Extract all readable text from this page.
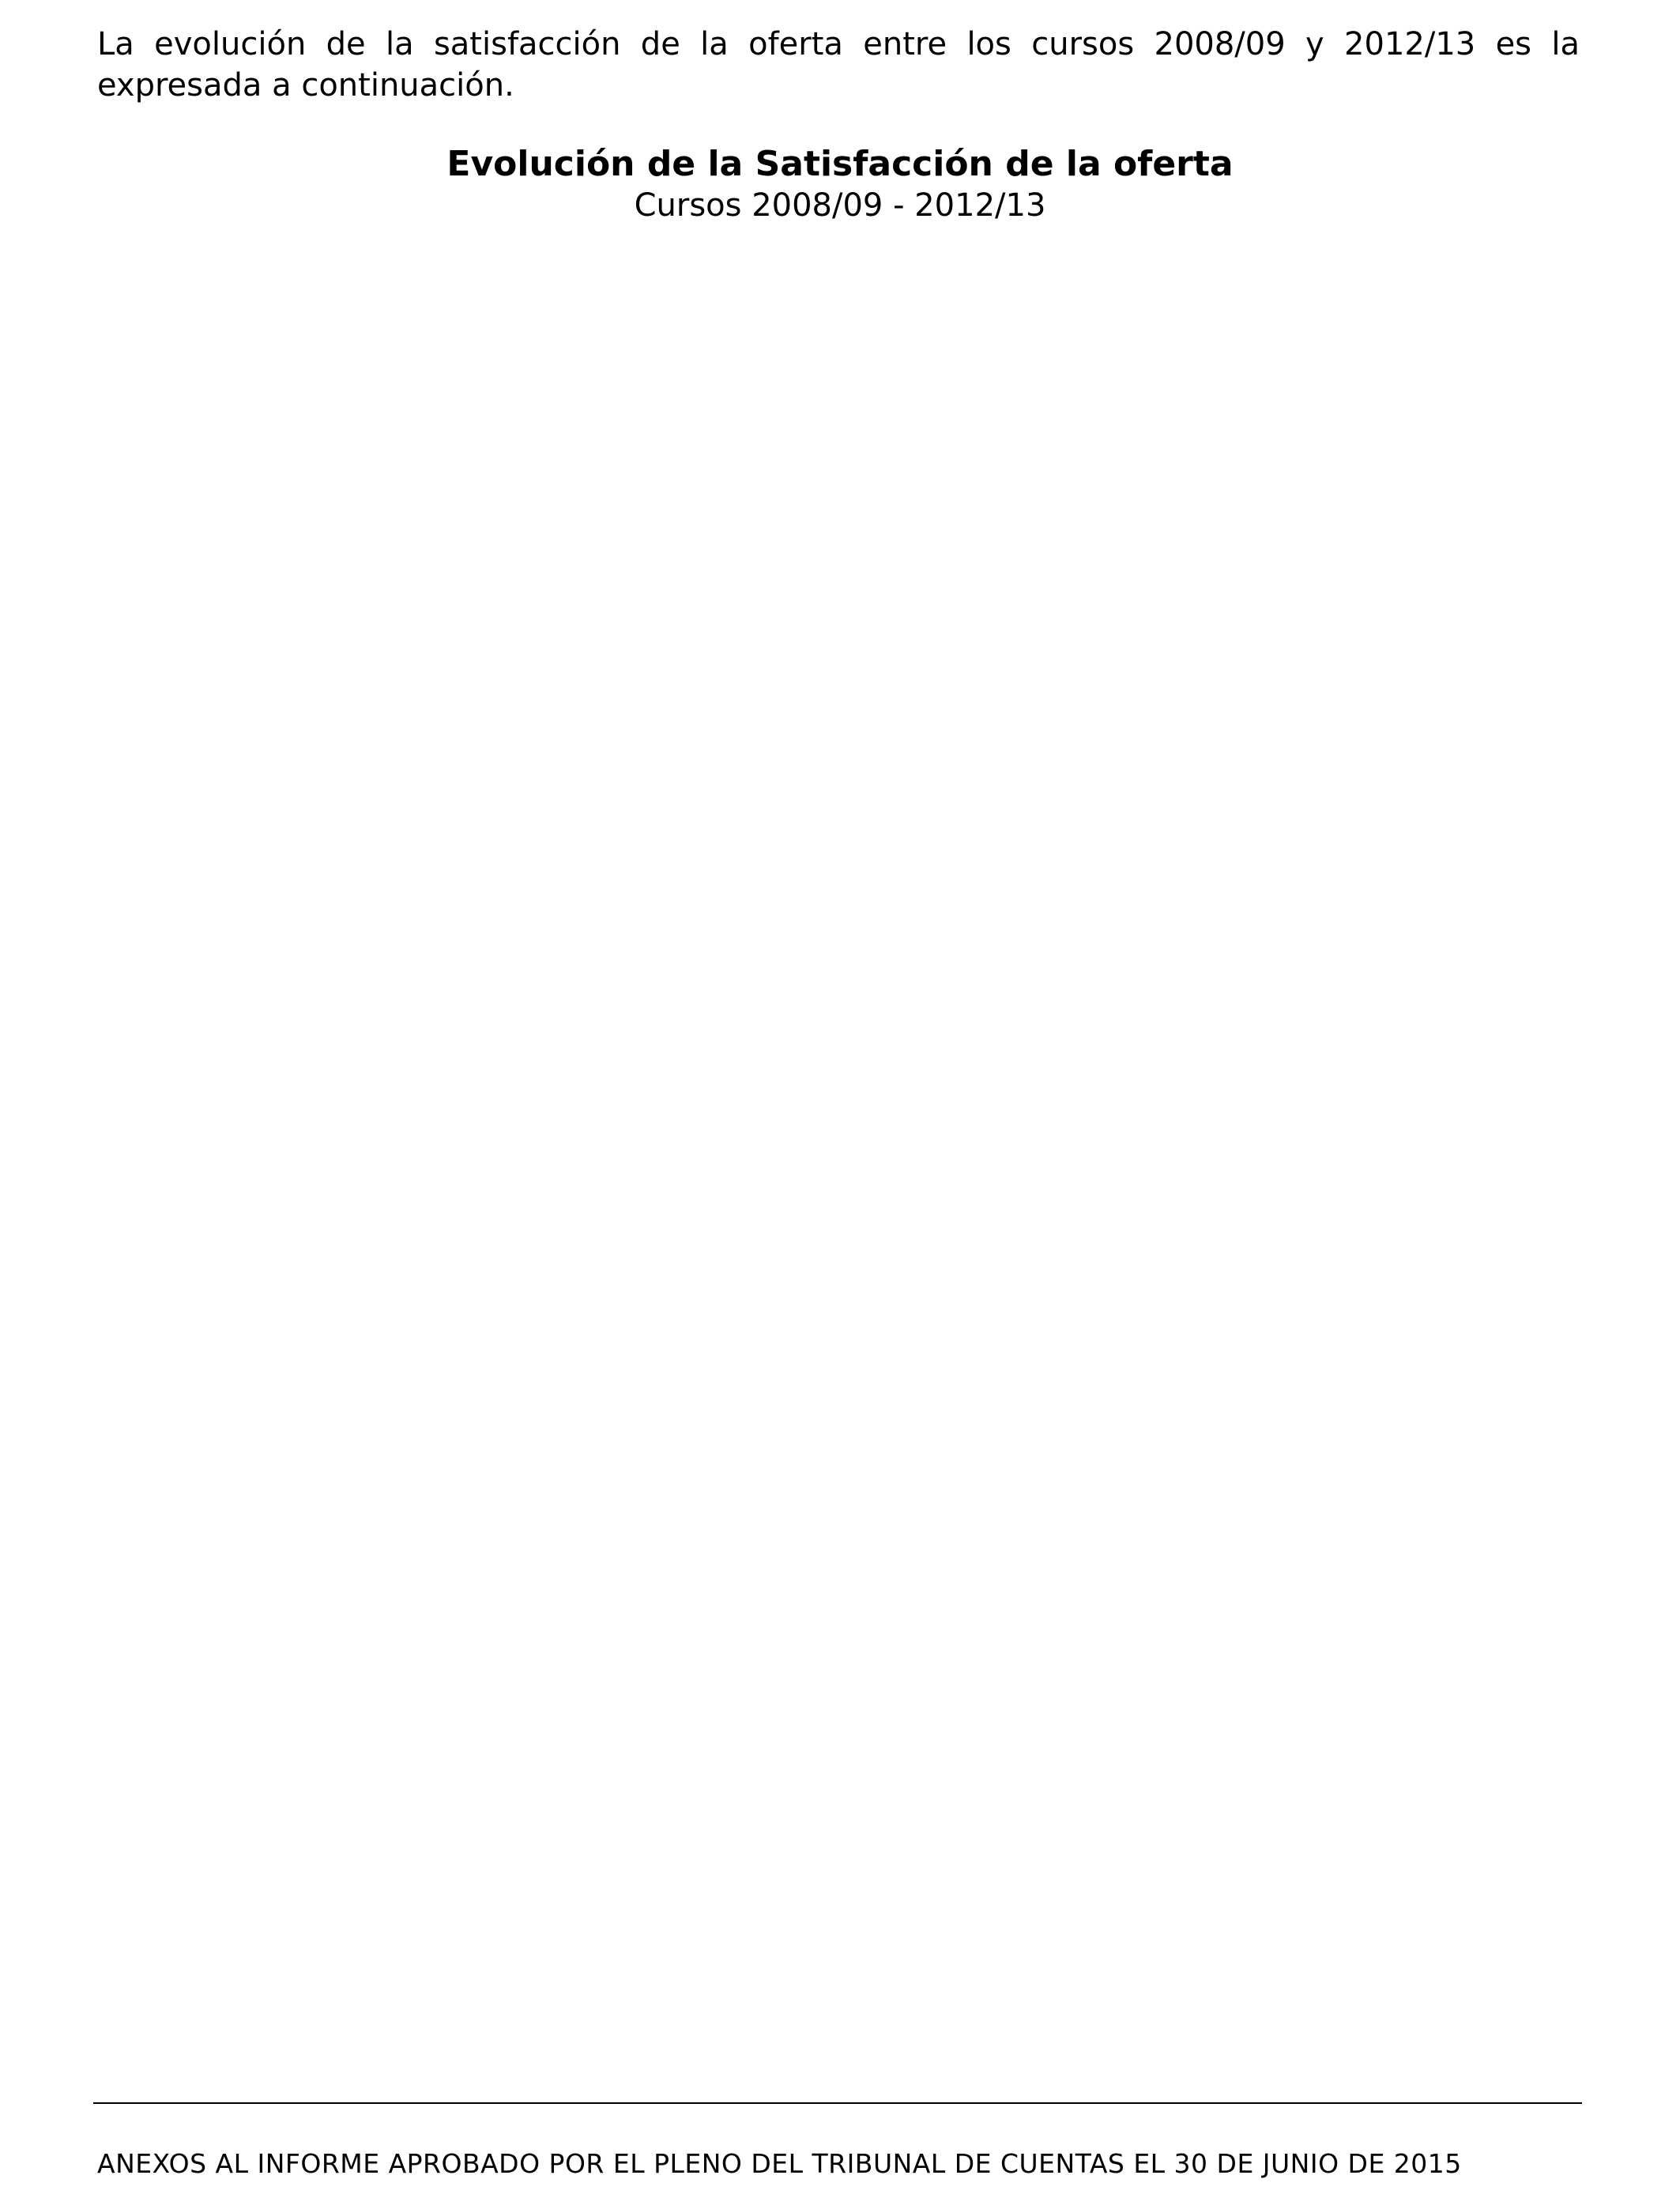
La evolución de la satisfacción de la oferta entre los cursos 2008/09 y 2012/13 es la expresada a continuación.

Evolución de la Satisfacción de la oferta

Cursos 2008/09 - 2012/13

ANEXOS AL INFORME APROBADO POR EL PLENO DEL TRIBUNAL DE CUENTAS EL 30 DE JUNIO DE 2015
